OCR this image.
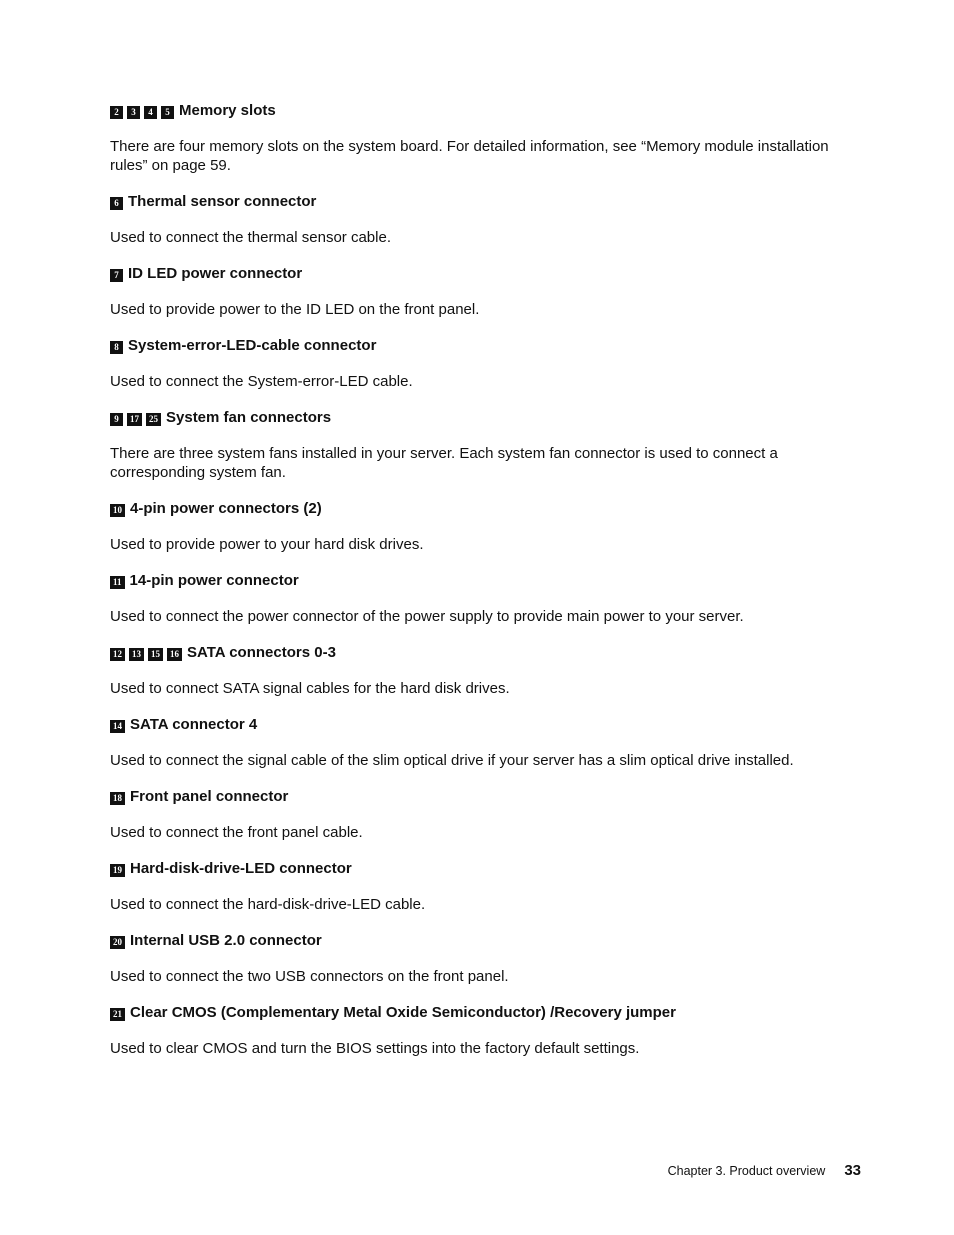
2	3	4	5 Memory slots

There are four memory slots on the system board. For detailed information, see “Memory module installation rules” on page 59.

6 Thermal sensor connector

Used to connect the thermal sensor cable.

7 ID LED power connector

Used to provide power to the ID LED on the front panel.

8 System-error-LED-cable connector

Used to connect the System-error-LED cable.

9	17	25 System fan connectors

There are three system fans installed in your server. Each system fan connector is used to connect a corresponding system fan.

10 4-pin power connectors (2)

Used to provide power to your hard disk drives.

11 14-pin power connector

Used to connect the power connector of the power supply to provide main power to your server.

12	13	15	16 SATA connectors 0-3

Used to connect SATA signal cables for the hard disk drives.

14 SATA connector 4

Used to connect the signal cable of the slim optical drive if your server has a slim optical drive installed.

18 Front panel connector

Used to connect the front panel cable.

19 Hard-disk-drive-LED connector

Used to connect the hard-disk-drive-LED cable.

20 Internal USB 2.0 connector

Used to connect the two USB connectors on the front panel.

21 Clear CMOS (Complementary Metal Oxide Semiconductor) /Recovery jumper

Used to clear CMOS and turn the BIOS settings into the factory default settings.

Chapter 3. Product overview 33
